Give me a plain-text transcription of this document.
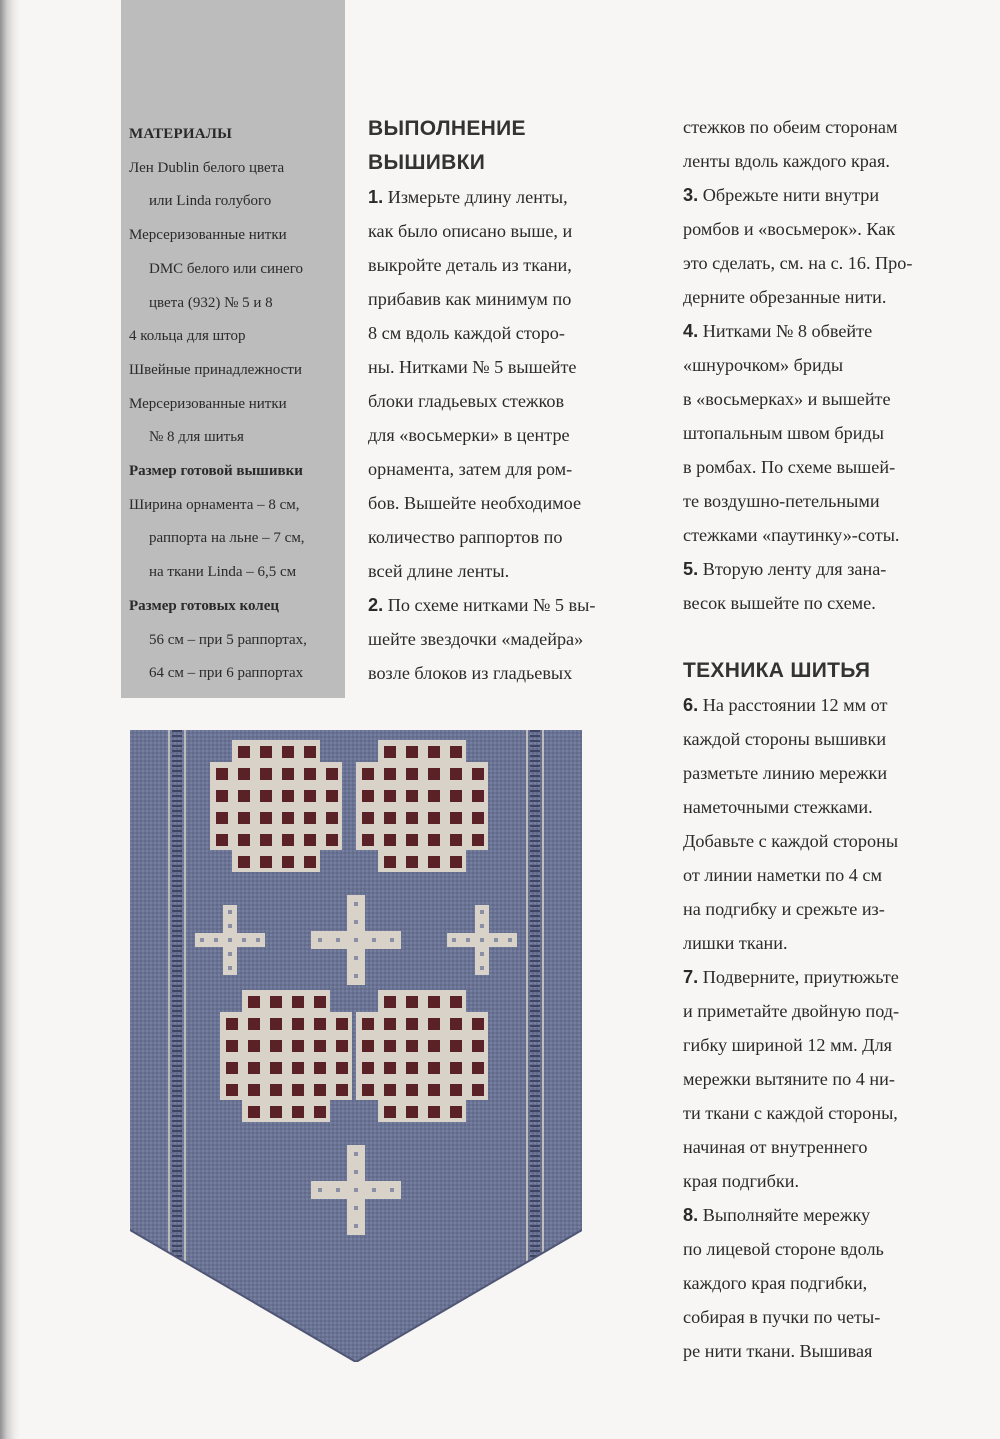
МАТЕРИАЛЫ
Лен Dublin белого цвета
или Linda голубого
Мерсеризованные нитки
DMC белого или синего
цвета (932) № 5 и 8
4 кольца для штор
Швейные принадлежности
Мерсеризованные нитки
№ 8 для шитья
Размер готовой вышивки
Ширина орнамента – 8 см,
раппорта на льне – 7 см,
на ткани Linda – 6,5 см
Размер готовых колец
56 см – при 5 раппортах,
64 см – при 6 раппортах
ВЫПОЛНЕНИЕ
ВЫШИВКИ
1. Измерьте длину ленты,
как было описано выше, и
выкройте деталь из ткани,
прибавив как минимум по
8 см вдоль каждой сторо-
ны. Нитками № 5 вышейте
блоки гладьевых стежков
для «восьмерки» в центре
орнамента, затем для ром-
бов. Вышейте необходимое
количество раппортов по
всей длине ленты.
2. По схеме нитками № 5 вы-
шейте звездочки «мадейра»
возле блоков из гладьевых
стежков по обеим сторонам
ленты вдоль каждого края.
3. Обрежьте нити внутри
ромбов и «восьмерок». Как
это сделать, см. на с. 16. Про-
дерните обрезанные нити.
4. Нитками № 8 обвейте
«шнурочком» бриды
в «восьмерках» и вышейте
штопальным швом бриды
в ромбах. По схеме вышей-
те воздушно-петельными
стежками «паутинку»-соты.
5. Вторую ленту для зана-
весок вышейте по схеме.
ТЕХНИКА ШИТЬЯ
6. На расстоянии 12 мм от
каждой стороны вышивки
разметьте линию мережки
наметочными стежками.
Добавьте с каждой стороны
от линии наметки по 4 см
на подгибку и срежьте из-
лишки ткани.
7. Подверните, приутюжьте
и приметайте двойную под-
гибку шириной 12 мм. Для
мережки вытяните по 4 ни-
ти ткани с каждой стороны,
начиная от внутреннего
края подгибки.
8. Выполняйте мережку
по лицевой стороне вдоль
каждого края подгибки,
собирая в пучки по четы-
ре нити ткани. Вышивая
